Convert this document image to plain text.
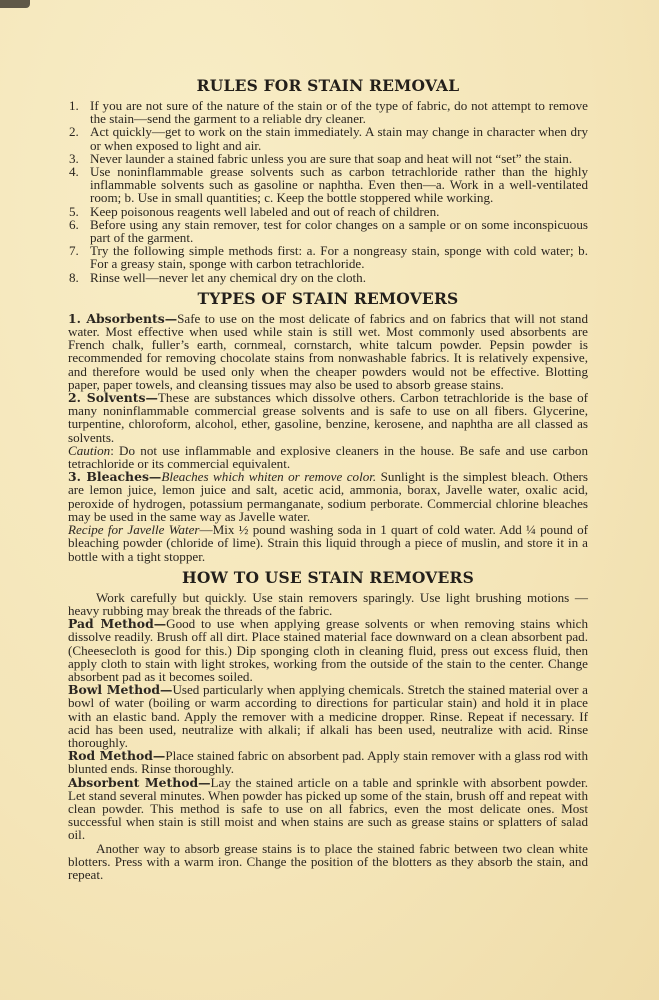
RULES FOR STAIN REMOVAL
1. If you are not sure of the nature of the stain or of the type of fabric, do not attempt to remove the stain—send the garment to a reliable dry cleaner.
2. Act quickly—get to work on the stain immediately. A stain may change in character when dry or when exposed to light and air.
3. Never launder a stained fabric unless you are sure that soap and heat will not “set” the stain.
4. Use noninflammable grease solvents such as carbon tetrachloride rather than the highly inflammable solvents such as gasoline or naphtha. Even then—a. Work in a well-ventilated room; b. Use in small quantities; c. Keep the bottle stoppered while working.
5. Keep poisonous reagents well labeled and out of reach of children.
6. Before using any stain remover, test for color changes on a sample or on some inconspicuous part of the garment.
7. Try the following simple methods first: a. For a nongreasy stain, sponge with cold water; b. For a greasy stain, sponge with carbon tetrachloride.
8. Rinse well—never let any chemical dry on the cloth.
TYPES OF STAIN REMOVERS

1. Absorbents—Safe to use on the most delicate of fabrics and on fabrics that will not stand water. Most effective when used while stain is still wet. Most commonly used absorbents are French chalk, fuller’s earth, cornmeal, cornstarch, white talcum powder. Pepsin powder is recommended for removing chocolate stains from nonwashable fabrics. It is relatively expensive, and therefore would be used only when the cheaper powders would not be effective. Blotting paper, paper towels, and cleansing tissues may also be used to absorb grease stains.

2. Solvents—These are substances which dissolve others. Carbon tetrachloride is the base of many noninflammable commercial grease solvents and is safe to use on all fibers. Glycerine, turpentine, chloroform, alcohol, ether, gasoline, benzine, kerosene, and naphtha are all classed as solvents.

Caution: Do not use inflammable and explosive cleaners in the house. Be safe and use carbon tetrachloride or its commercial equivalent.

3. Bleaches—Bleaches which whiten or remove color. Sunlight is the simplest bleach. Others are lemon juice, lemon juice and salt, acetic acid, ammonia, borax, Javelle water, oxalic acid, peroxide of hydrogen, potassium permanganate, sodium perborate. Commercial chlorine bleaches may be used in the same way as Javelle water.

Recipe for Javelle Water—Mix ½ pound washing soda in 1 quart of cold water. Add ¼ pound of bleaching powder (chloride of lime). Strain this liquid through a piece of muslin, and store it in a bottle with a tight stopper.

HOW TO USE STAIN REMOVERS

Work carefully but quickly. Use stain removers sparingly. Use light brushing motions —heavy rubbing may break the threads of the fabric.

Pad Method—Good to use when applying grease solvents or when removing stains which dissolve readily. Brush off all dirt. Place stained material face downward on a clean absorbent pad. (Cheesecloth is good for this.) Dip sponging cloth in cleaning fluid, press out excess fluid, then apply cloth to stain with light strokes, working from the outside of the stain to the center. Change absorbent pad as it becomes soiled.

Bowl Method—Used particularly when applying chemicals. Stretch the stained material over a bowl of water (boiling or warm according to directions for particular stain) and hold it in place with an elastic band. Apply the remover with a medicine dropper. Rinse. Repeat if necessary. If acid has been used, neutralize with alkali; if alkali has been used, neutralize with acid. Rinse thoroughly.

Rod Method—Place stained fabric on absorbent pad. Apply stain remover with a glass rod with blunted ends. Rinse thoroughly.

Absorbent Method—Lay the stained article on a table and sprinkle with absorbent powder. Let stand several minutes. When powder has picked up some of the stain, brush off and repeat with clean powder. This method is safe to use on all fabrics, even the most delicate ones. Most successful when stain is still moist and when stains are such as grease stains or splatters of salad oil.

Another way to absorb grease stains is to place the stained fabric between two clean white blotters. Press with a warm iron. Change the position of the blotters as they absorb the stain, and repeat.
